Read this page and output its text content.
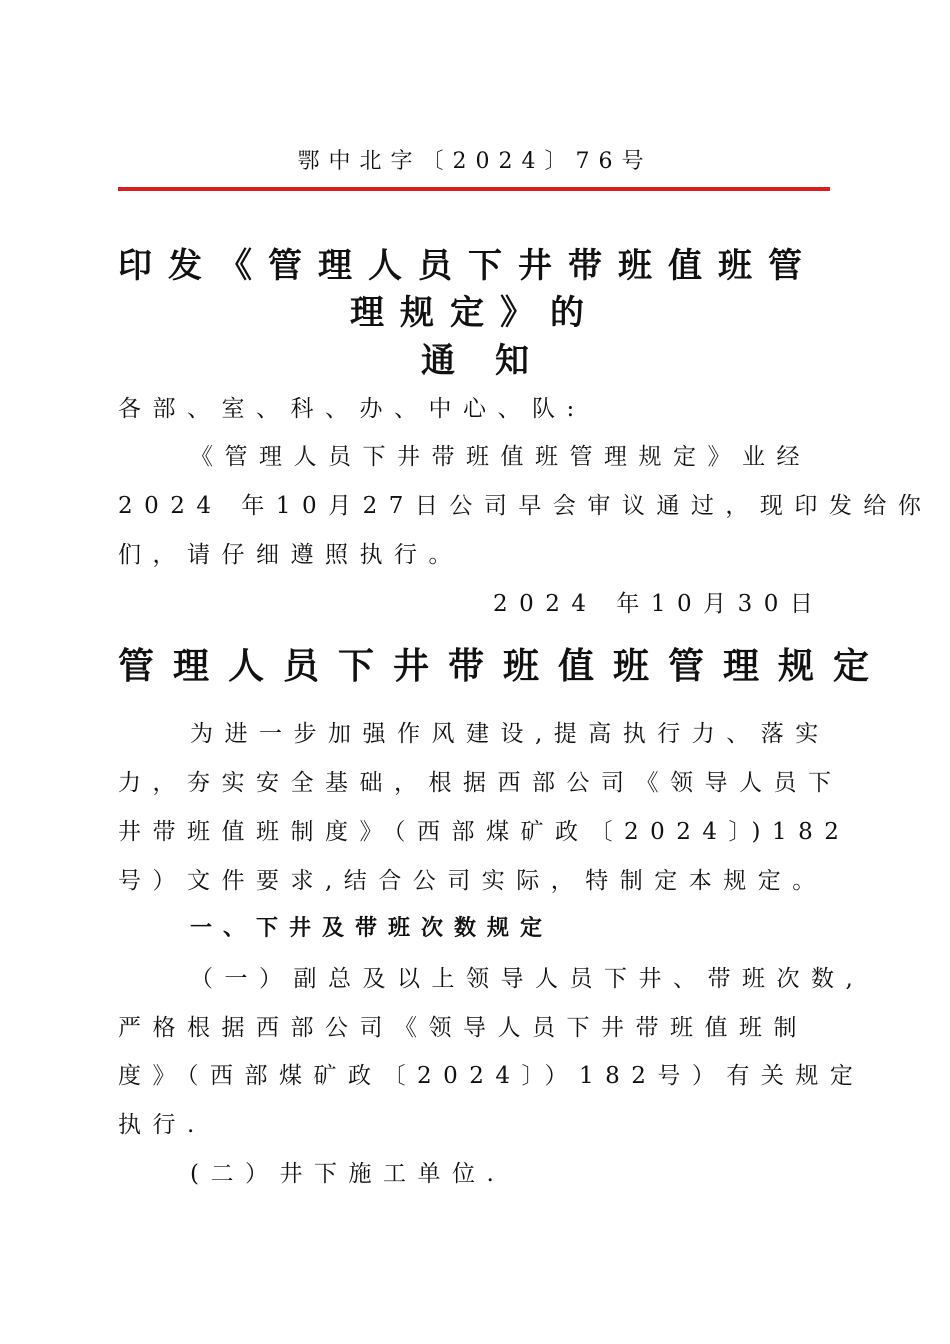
鄂中北字〔2024〕76号
印发《管理人员下井带班值班管
理规定》的
通知
各部、室、科、办、中心、队:
《管理人员下井带班值班管理规定》业经
2024 年10月27日公司早会审议通过，现印发给你
们，请仔细遵照执行。
2024 年10月30日
管理人员下井带班值班管理规定
为进一步加强作风建设,提高执行力、落实
力，夯实安全基础，根据西部公司《领导人员下
井带班值班制度》（西部煤矿政〔2024〕)182
号）文件要求,结合公司实际，特制定本规定。
一、下井及带班次数规定
（一）副总及以上领导人员下井、带班次数,
严格根据西部公司《领导人员下井带班值班制
度》（西部煤矿政〔2024〕）182号）有关规定
执行.
(二）井下施工单位.
